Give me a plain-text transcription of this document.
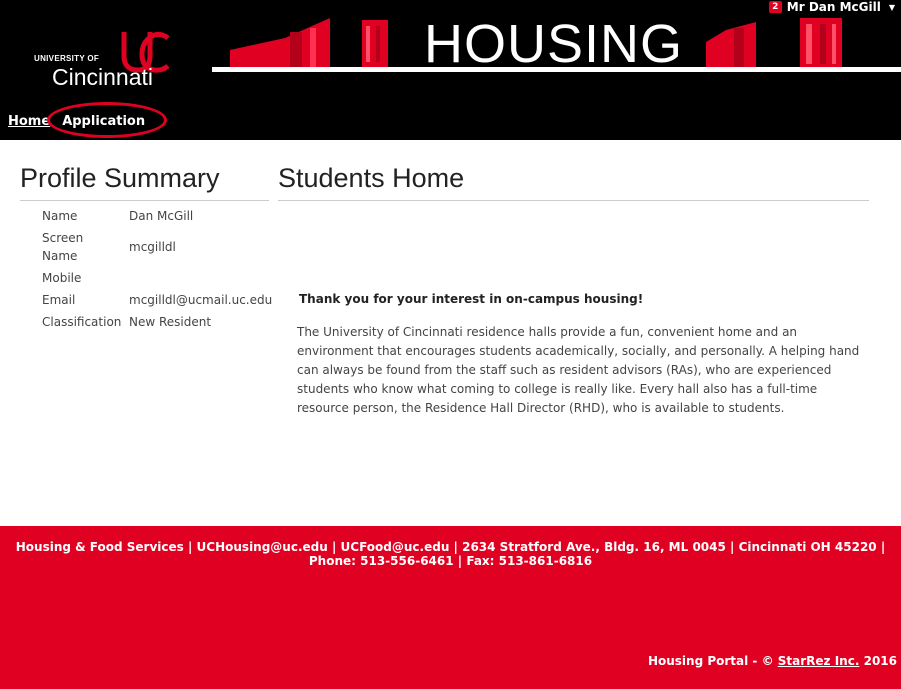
2 Mr Dan McGill ▼
UNIVERSITY OF
Cincinnati
HOUSING
Home Application
Profile Summary
Name	Dan McGill
Screen Name	mcgilldl
Mobile	
Email	mcgilldl@ucmail.uc.edu
Classification	New Resident
Students Home
Thank you for your interest in on-campus housing!
The University of Cincinnati residence halls provide a fun, convenient home and an environment that encourages students academically, socially, and personally. A helping hand can always be found from the staff such as resident advisors (RAs), who are experienced students who know what coming to college is really like. Every hall also has a full-time resource person, the Residence Hall Director (RHD), who is available to students.
Housing & Food Services | UCHousing@uc.edu | UCFood@uc.edu | 2634 Stratford Ave., Bldg. 16, ML 0045 | Cincinnati OH 45220 | Phone: 513-556-6461 | Fax: 513-861-6816
Housing Portal - © StarRez Inc. 2016
